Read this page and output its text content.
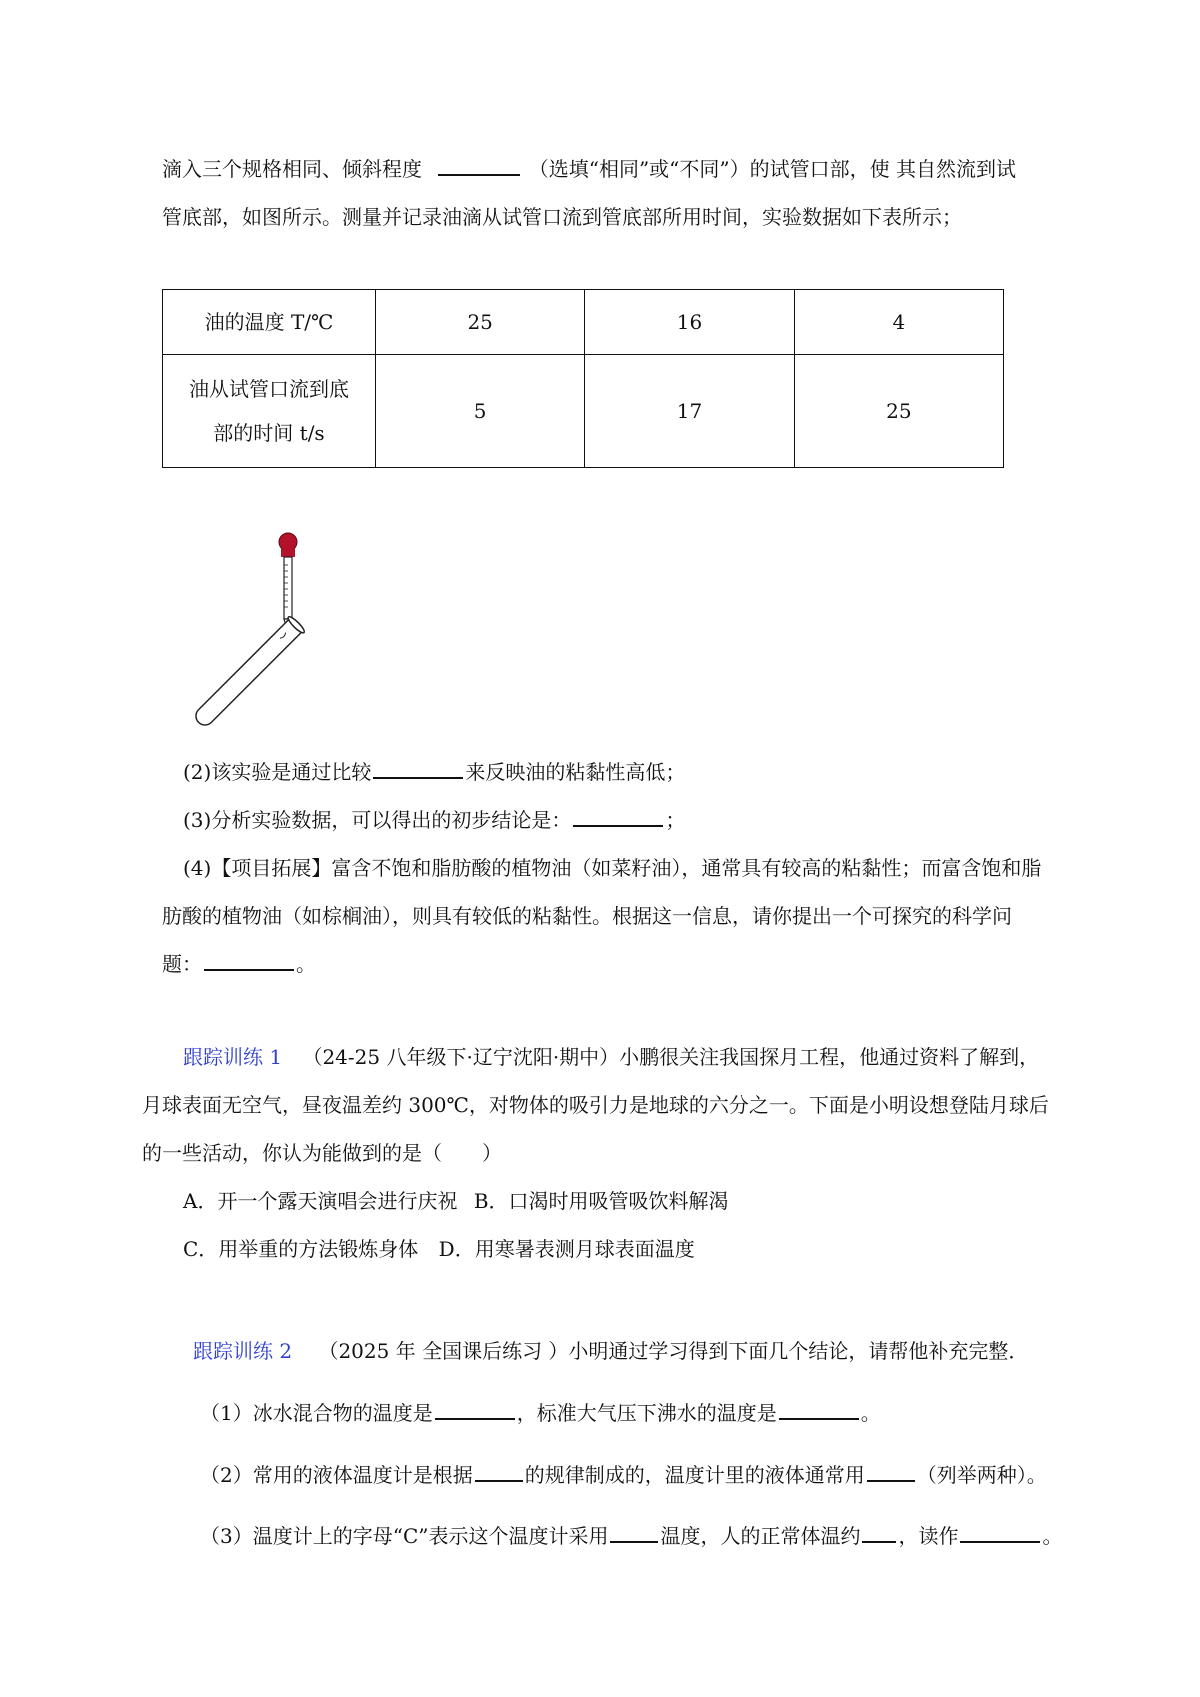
滴入三个规格相同、倾斜程度	（选填“相同”或“不同”）的试管口部，使 其自然流到试
管底部，如图所示。测量并记录油滴从试管口流到管底部所用时间，实验数据如下表所示；
油的温度 T/℃	25	16	4

油从试管口流到底
部的时间 t/s	5	17	25
(2)该实验是通过比较	来反映油的粘黏性高低；
(3)分析实验数据，可以得出的初步结论是：	；
(4)【项目拓展】富含不饱和脂肪酸的植物油（如菜籽油），通常具有较高的粘黏性；而富含饱和脂
肪酸的植物油（如棕榈油），则具有较低的粘黏性。根据这一信息，请你提出一个可探究的科学问
题：	。
跟踪训练 1 （24-25 八年级下·辽宁沈阳·期中）小鹏很关注我国探月工程，他通过资料了解到，
月球表面无空气，昼夜温差约 300℃，对物体的吸引力是地球的六分之一。下面是小明设想登陆月球后
的一些活动，你认为能做到的是（　　）
A．开一个露天演唱会进行庆祝 B．口渴时用吸管吸饮料解渴
C．用举重的方法锻炼身体 D．用寒暑表测月球表面温度
跟踪训练 2 （2025 年 全国课后练习 ）小明通过学习得到下面几个结论，请帮他补充完整．
（1）冰水混合物的温度是	，标准大气压下沸水的温度是	。
（2）常用的液体温度计是根据	的规律制成的，温度计里的液体通常用	（列举两种）。
（3）温度计上的字母“C”表示这个温度计采用	温度，人的正常体温约 ，读作	。
